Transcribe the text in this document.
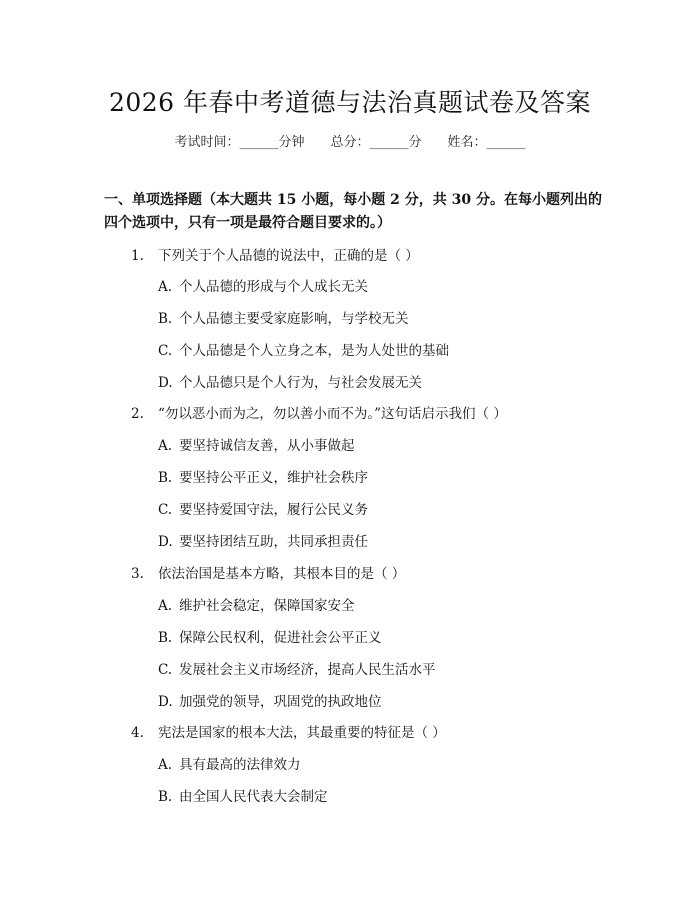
2026 年春中考道德与法治真题试卷及答案
考试时间：______分钟 总分：______分 姓名：______
一、单项选择题（本大题共 15 小题，每小题 2 分，共 30 分。在每小题列出的四个选项中，只有一项是最符合题目要求的。）
1. 下列关于个人品德的说法中，正确的是（ ）
A. 个人品德的形成与个人成长无关
B. 个人品德主要受家庭影响，与学校无关
C. 个人品德是个人立身之本，是为人处世的基础
D. 个人品德只是个人行为，与社会发展无关
2. “勿以恶小而为之，勿以善小而不为。”这句话启示我们（ ）
A. 要坚持诚信友善，从小事做起
B. 要坚持公平正义，维护社会秩序
C. 要坚持爱国守法，履行公民义务
D. 要坚持团结互助，共同承担责任
3. 依法治国是基本方略，其根本目的是（ ）
A. 维护社会稳定，保障国家安全
B. 保障公民权利，促进社会公平正义
C. 发展社会主义市场经济，提高人民生活水平
D. 加强党的领导，巩固党的执政地位
4. 宪法是国家的根本大法，其最重要的特征是（ ）
A. 具有最高的法律效力
B. 由全国人民代表大会制定
